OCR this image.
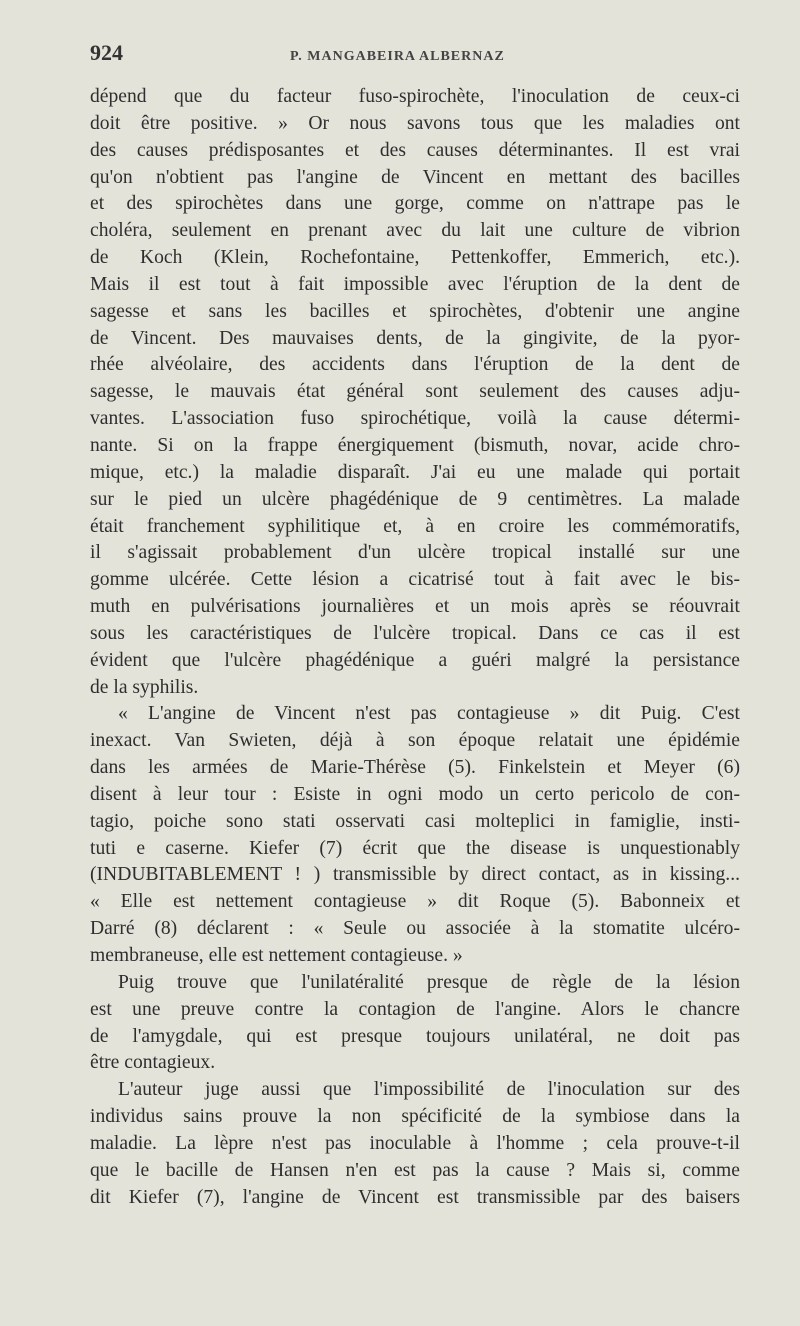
924	P. MANGABEIRA ALBERNAZ
dépend que du facteur fuso-spirochète, l'inoculation de ceux-ci
doit être positive. » Or nous savons tous que les maladies ont
des causes prédisposantes et des causes déterminantes. Il est vrai
qu'on n'obtient pas l'angine de Vincent en mettant des bacilles
et des spirochètes dans une gorge, comme on n'attrape pas le
choléra, seulement en prenant avec du lait une culture de vibrion
de Koch (Klein, Rochefontaine, Pettenkoffer, Emmerich, etc.).
Mais il est tout à fait impossible avec l'éruption de la dent de
sagesse et sans les bacilles et spirochètes, d'obtenir une angine
de Vincent. Des mauvaises dents, de la gingivite, de la pyor-
rhée alvéolaire, des accidents dans l'éruption de la dent de
sagesse, le mauvais état général sont seulement des causes adju-
vantes. L'association fuso spirochétique, voilà la cause détermi-
nante. Si on la frappe énergiquement (bismuth, novar, acide chro-
mique, etc.) la maladie disparaît. J'ai eu une malade qui portait
sur le pied un ulcère phagédénique de 9 centimètres. La malade
était franchement syphilitique et, à en croire les commémoratifs,
il s'agissait probablement d'un ulcère tropical installé sur une
gomme ulcérée. Cette lésion a cicatrisé tout à fait avec le bis-
muth en pulvérisations journalières et un mois après se réouvrait
sous les caractéristiques de l'ulcère tropical. Dans ce cas il est
évident que l'ulcère phagédénique a guéri malgré la persistance
de la syphilis.
« L'angine de Vincent n'est pas contagieuse » dit Puig. C'est
inexact. Van Swieten, déjà à son époque relatait une épidémie
dans les armées de Marie-Thérèse (5). Finkelstein et Meyer (6)
disent à leur tour : Esiste in ogni modo un certo pericolo de con-
tagio, poiche sono stati osservati casi molteplici in famiglie, insti-
tuti e caserne. Kiefer (7) écrit que the disease is unquestionably
(INDUBITABLEMENT ! ) transmissible by direct contact, as in kissing...
« Elle est nettement contagieuse » dit Roque (5). Babonneix et
Darré (8) déclarent : « Seule ou associée à la stomatite ulcéro-
membraneuse, elle est nettement contagieuse. »
Puig trouve que l'unilatéralité presque de règle de la lésion
est une preuve contre la contagion de l'angine. Alors le chancre
de l'amygdale, qui est presque toujours unilatéral, ne doit pas
être contagieux.
L'auteur juge aussi que l'impossibilité de l'inoculation sur des
individus sains prouve la non spécificité de la symbiose dans la
maladie. La lèpre n'est pas inoculable à l'homme ; cela prouve-t-il
que le bacille de Hansen n'en est pas la cause ? Mais si, comme
dit Kiefer (7), l'angine de Vincent est transmissible par des baisers
